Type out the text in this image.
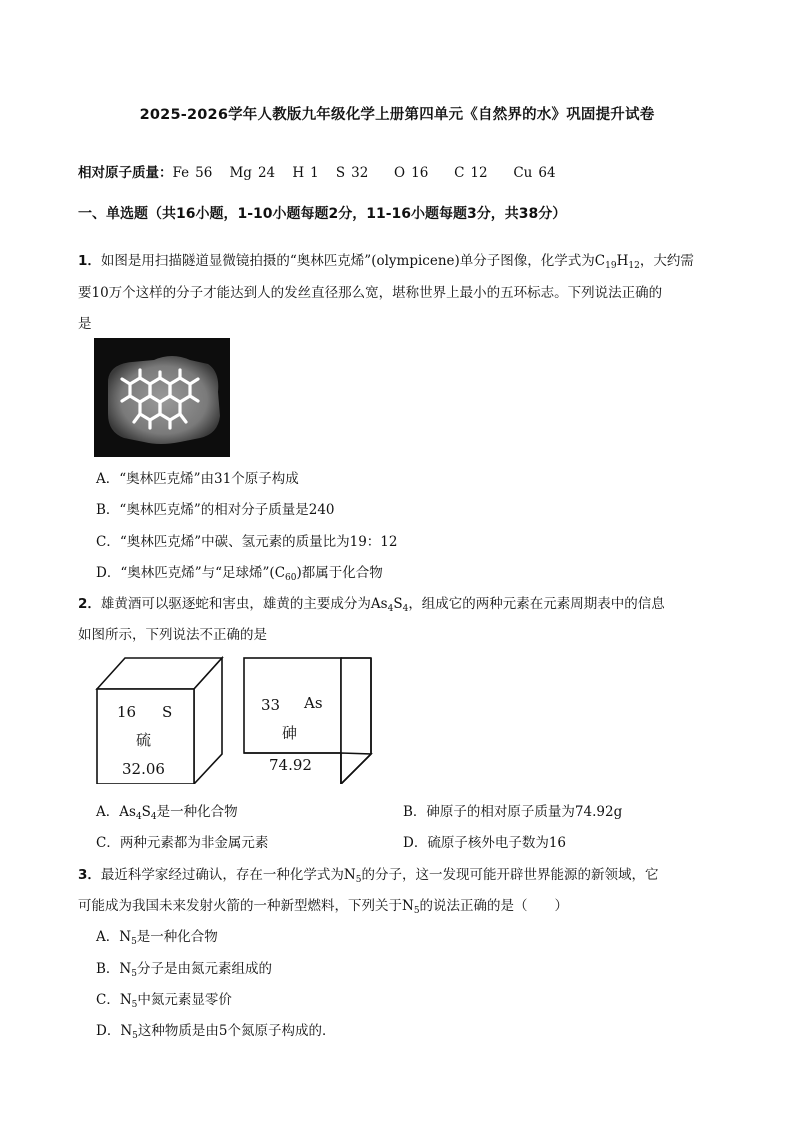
2025-2026学年人教版九年级化学上册第四单元《自然界的水》巩固提升试卷
相对原子质量：Fe 56 Mg 24 H 1 S 32 O 16 C 12 Cu 64
一、单选题（共16小题，1-10小题每题2分，11-16小题每题3分，共38分）
1．如图是用扫描隧道显微镜拍摄的“奥林匹克烯”(olympicene)单分子图像，化学式为$C_{19}H_{12}$，大约需
要10万个这样的分子才能达到人的发丝直径那么宽，堪称世界上最小的五环标志。下列说法正确的
是
A．“奥林匹克烯”由31个原子构成
B．“奥林匹克烯”的相对分子质量是240
C．“奥林匹克烯”中碳、氢元素的质量比为19：12
D．“奥林匹克烯”与“足球烯$”(C_{60})$都属于化合物
2．雄黄酒可以驱逐蛇和害虫，雄黄的主要成分为$As_4S_4$，组成它的两种元素在元素周期表中的信息
如图所示，下列说法不正确的是
16 S
硫
32.06
33 As
砷
74.92
A．$As_4S_4$是一种化合物	B．砷原子的相对原子质量为74.92g
C．两种元素都为非金属元素	D．硫原子核外电子数为16
3．最近科学家经过确认，存在一种化学式为$N_5$的分子，这一发现可能开辟世界能源的新领域，它
可能成为我国未来发射火箭的一种新型燃料，下列关于$N_5$的说法正确的是（　　）
A．$N_5$是一种化合物
B．$N_5$分子是由氮元素组成的
C．$N_5$中氮元素显零价
D．$N_5$这种物质是由5个氮原子构成的．
